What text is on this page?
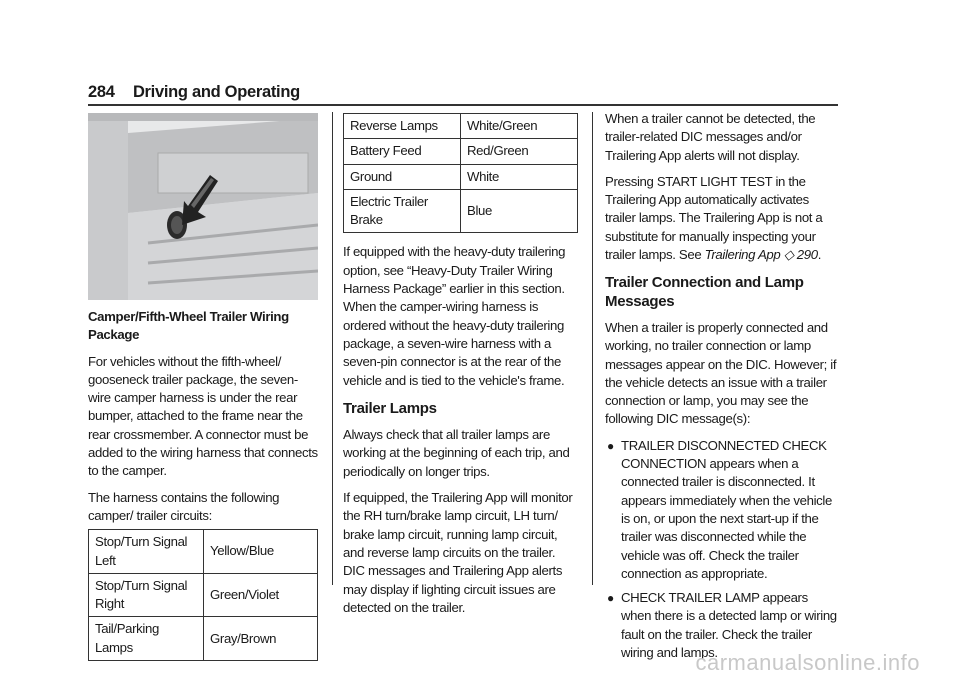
284 Driving and Operating

Camper/Fifth-Wheel Trailer Wiring Package

For vehicles without the fifth-wheel/ gooseneck trailer package, the seven-wire camper harness is under the rear bumper, attached to the frame near the rear crossmember. A connector must be added to the wiring harness that connects to the camper.

The harness contains the following camper/ trailer circuits:

Stop/Turn Signal Left	Yellow/Blue
Stop/Turn Signal Right	Green/Violet
Tail/Parking Lamps	Gray/Brown
Reverse Lamps	White/Green
Battery Feed	Red/Green
Ground	White
Electric Trailer Brake	Blue

If equipped with the heavy-duty trailering option, see “Heavy-Duty Trailer Wiring Harness Package” earlier in this section. When the camper-wiring harness is ordered without the heavy-duty trailering package, a seven-wire harness with a seven-pin connector is at the rear of the vehicle and is tied to the vehicle's frame.

Trailer Lamps

Always check that all trailer lamps are working at the beginning of each trip, and periodically on longer trips.

If equipped, the Trailering App will monitor the RH turn/brake lamp circuit, LH turn/ brake lamp circuit, running lamp circuit, and reverse lamp circuits on the trailer. DIC messages and Trailering App alerts may display if lighting circuit issues are detected on the trailer.

When a trailer cannot be detected, the trailer-related DIC messages and/or Trailering App alerts will not display.

Pressing START LIGHT TEST in the Trailering App automatically activates trailer lamps. The Trailering App is not a substitute for manually inspecting your trailer lamps. See Trailering App ◇ 290.

Trailer Connection and Lamp Messages

When a trailer is properly connected and working, no trailer connection or lamp messages appear on the DIC. However; if the vehicle detects an issue with a trailer connection or lamp, you may see the following DIC message(s):

● TRAILER DISCONNECTED CHECK CONNECTION appears when a connected trailer is disconnected. It appears immediately when the vehicle is on, or upon the next start-up if the trailer was disconnected while the vehicle was off. Check the trailer connection as appropriate.
● CHECK TRAILER LAMP appears when there is a detected lamp or wiring fault on the trailer. Check the trailer wiring and lamps.
carmanualsonline.info
